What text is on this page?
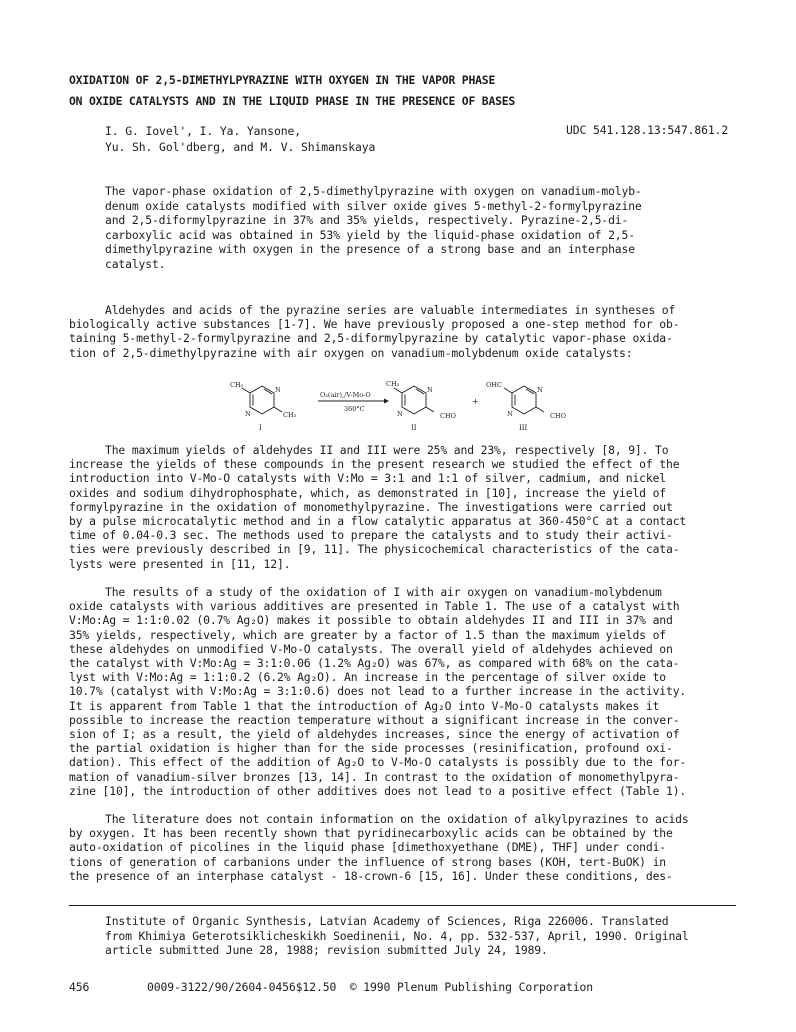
OXIDATION OF 2,5-DIMETHYLPYRAZINE WITH OXYGEN IN THE VAPOR PHASE
ON OXIDE CATALYSTS AND IN THE LIQUID PHASE IN THE PRESENCE OF BASES
I. G. Iovel', I. Ya. Yansone,
Yu. Sh. Gol'dberg, and M. V. Shimanskaya
UDC 541.128.13:547.861.2
The vapor-phase oxidation of 2,5-dimethylpyrazine with oxygen on vanadium-molyb-
denum oxide catalysts modified with silver oxide gives 5-methyl-2-formylpyrazine
and 2,5-diformylpyrazine in 37% and 35% yields, respectively. Pyrazine-2,5-di-
carboxylic acid was obtained in 53% yield by the liquid-phase oxidation of 2,5-
dimethylpyrazine with oxygen in the presence of a strong base and an interphase
catalyst.
Aldehydes and acids of the pyrazine series are valuable intermediates in syntheses of
biologically active substances [1-7]. We have previously proposed a one-step method for ob-
taining 5-methyl-2-formylpyrazine and 2,5-diformylpyrazine by catalytic vapor-phase oxida-
tion of 2,5-dimethylpyrazine with air oxygen on vanadium-molybdenum oxide catalysts:
CH₃
N
N	CH₃
I
O₂(air),/V-Mo-O
360°C
CH₃
N
N	CHO
II
+
OHC
N
N	CHO
III
The maximum yields of aldehydes II and III were 25% and 23%, respectively [8, 9]. To
increase the yields of these compounds in the present research we studied the effect of the
introduction into V-Mo-O catalysts with V:Mo = 3:1 and 1:1 of silver, cadmium, and nickel
oxides and sodium dihydrophosphate, which, as demonstrated in [10], increase the yield of
formylpyrazine in the oxidation of monomethylpyrazine. The investigations were carried out
by a pulse microcatalytic method and in a flow catalytic apparatus at 360-450°C at a contact
time of 0.04-0.3 sec. The methods used to prepare the catalysts and to study their activi-
ties were previously described in [9, 11]. The physicochemical characteristics of the cata-
lysts were presented in [11, 12].
The results of a study of the oxidation of I with air oxygen on vanadium-molybdenum
oxide catalysts with various additives are presented in Table 1. The use of a catalyst with
V:Mo:Ag = 1:1:0.02 (0.7% Ag₂O) makes it possible to obtain aldehydes II and III in 37% and
35% yields, respectively, which are greater by a factor of 1.5 than the maximum yields of
these aldehydes on unmodified V-Mo-O catalysts. The overall yield of aldehydes achieved on
the catalyst with V:Mo:Ag = 3:1:0.06 (1.2% Ag₂O) was 67%, as compared with 68% on the cata-
lyst with V:Mo:Ag = 1:1:0.2 (6.2% Ag₂O). An increase in the percentage of silver oxide to
10.7% (catalyst with V:Mo:Ag = 3:1:0.6) does not lead to a further increase in the activity.
It is apparent from Table 1 that the introduction of Ag₂O into V-Mo-O catalysts makes it
possible to increase the reaction temperature without a significant increase in the conver-
sion of I; as a result, the yield of aldehydes increases, since the energy of activation of
the partial oxidation is higher than for the side processes (resinification, profound oxi-
dation). This effect of the addition of Ag₂O to V-Mo-O catalysts is possibly due to the for-
mation of vanadium-silver bronzes [13, 14]. In contrast to the oxidation of monomethylpyra-
zine [10], the introduction of other additives does not lead to a positive effect (Table 1).
The literature does not contain information on the oxidation of alkylpyrazines to acids
by oxygen. It has been recently shown that pyridinecarboxylic acids can be obtained by the
auto-oxidation of picolines in the liquid phase [dimethoxyethane (DME), THF] under condi-
tions of generation of carbanions under the influence of strong bases (KOH, tert-BuOK) in
the presence of an interphase catalyst - 18-crown-6 [15, 16]. Under these conditions, des-
Institute of Organic Synthesis, Latvian Academy of Sciences, Riga 226006. Translated
from Khimiya Geterotsiklicheskikh Soedinenii, No. 4, pp. 532-537, April, 1990. Original
article submitted June 28, 1988; revision submitted July 24, 1989.
456	0009-3122/90/2604-0456$12.50 © 1990 Plenum Publishing Corporation
